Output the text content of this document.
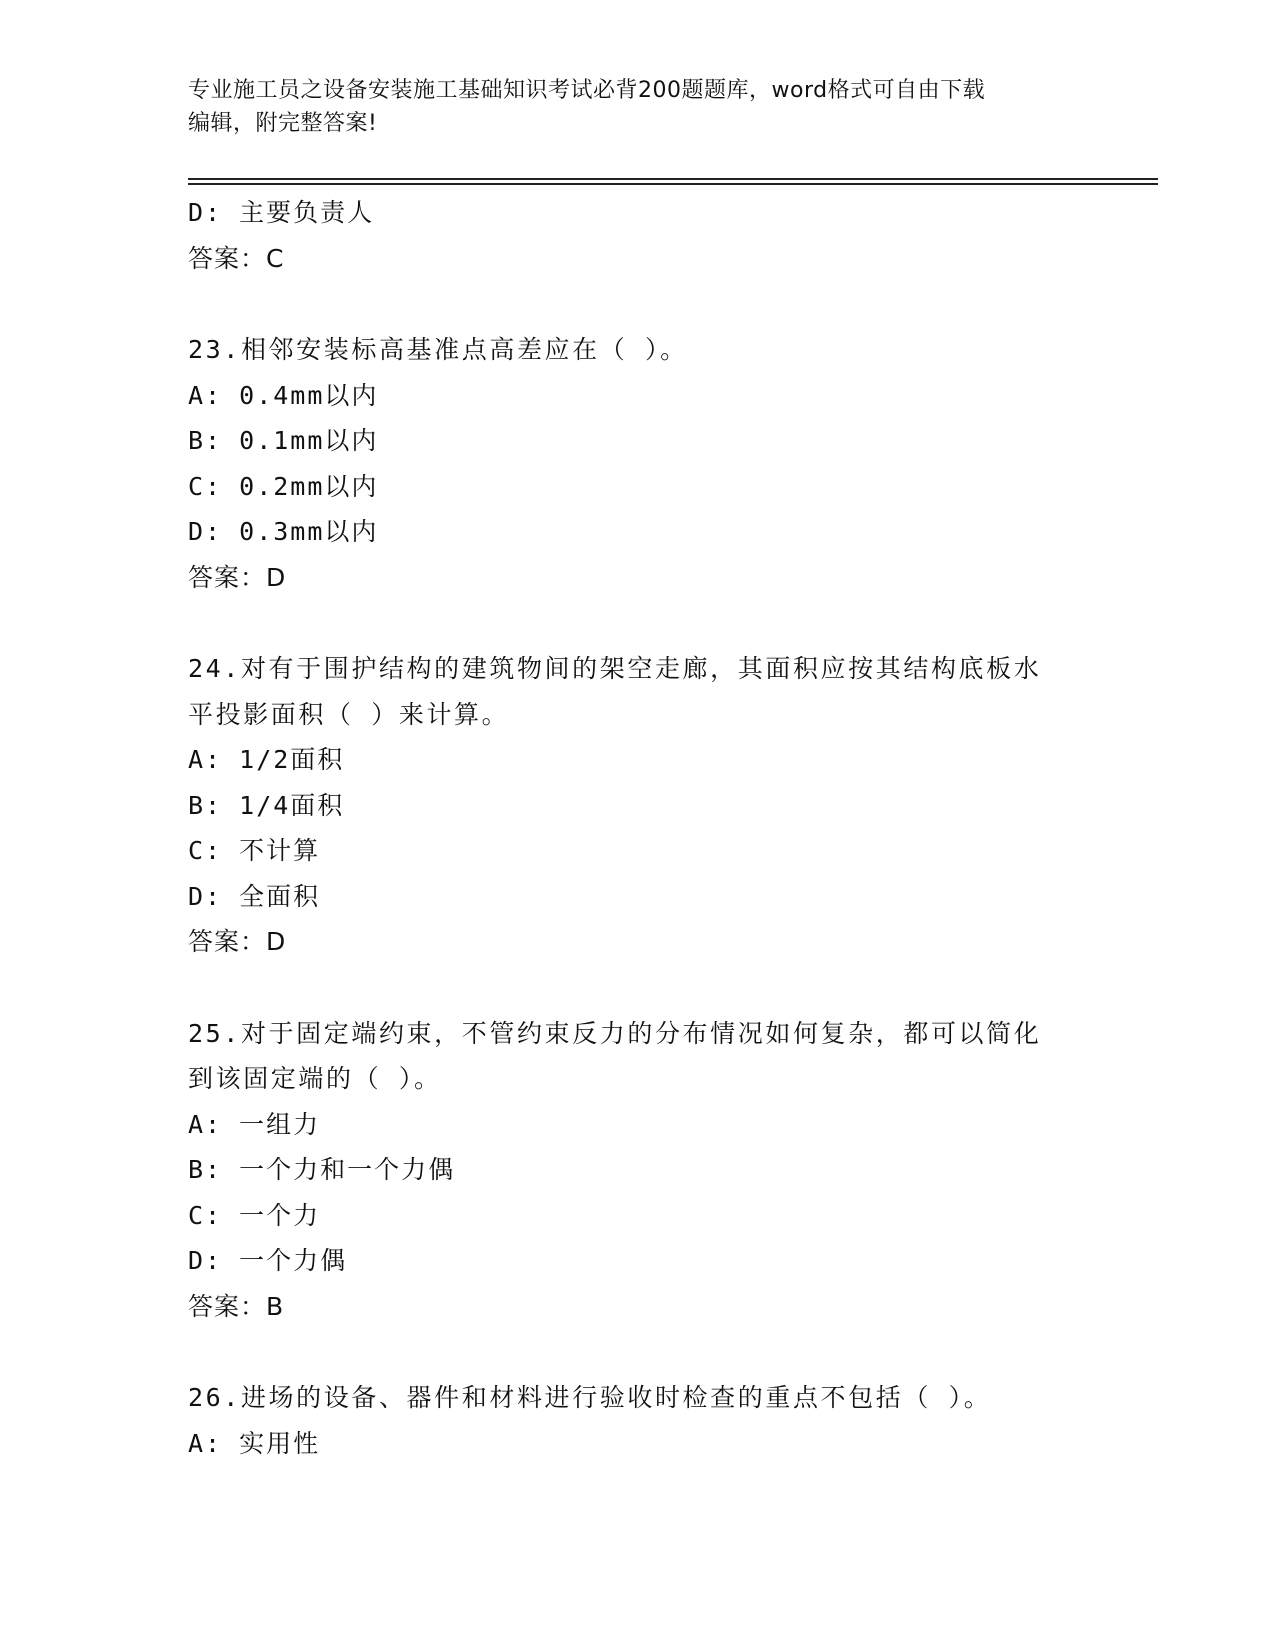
专业施工员之设备安装施工基础知识考试必背200题题库，word格式可自由下载
编辑，附完整答案!
D: 主要负责人
答案：C
23.相邻安装标高基准点高差应在（ ）。
A: 0.4mm以内
B: 0.1mm以内
C: 0.2mm以内
D: 0.3mm以内
答案：D
24.对有于围护结构的建筑物间的架空走廊，其面积应按其结构底板水
平投影面积（ ）来计算。
A: 1/2面积
B: 1/4面积
C: 不计算
D: 全面积
答案：D
25.对于固定端约束，不管约束反力的分布情况如何复杂，都可以简化
到该固定端的（ ）。
A: 一组力
B: 一个力和一个力偶
C: 一个力
D: 一个力偶
答案：B
26.进场的设备、器件和材料进行验收时检查的重点不包括（ ）。
A: 实用性
